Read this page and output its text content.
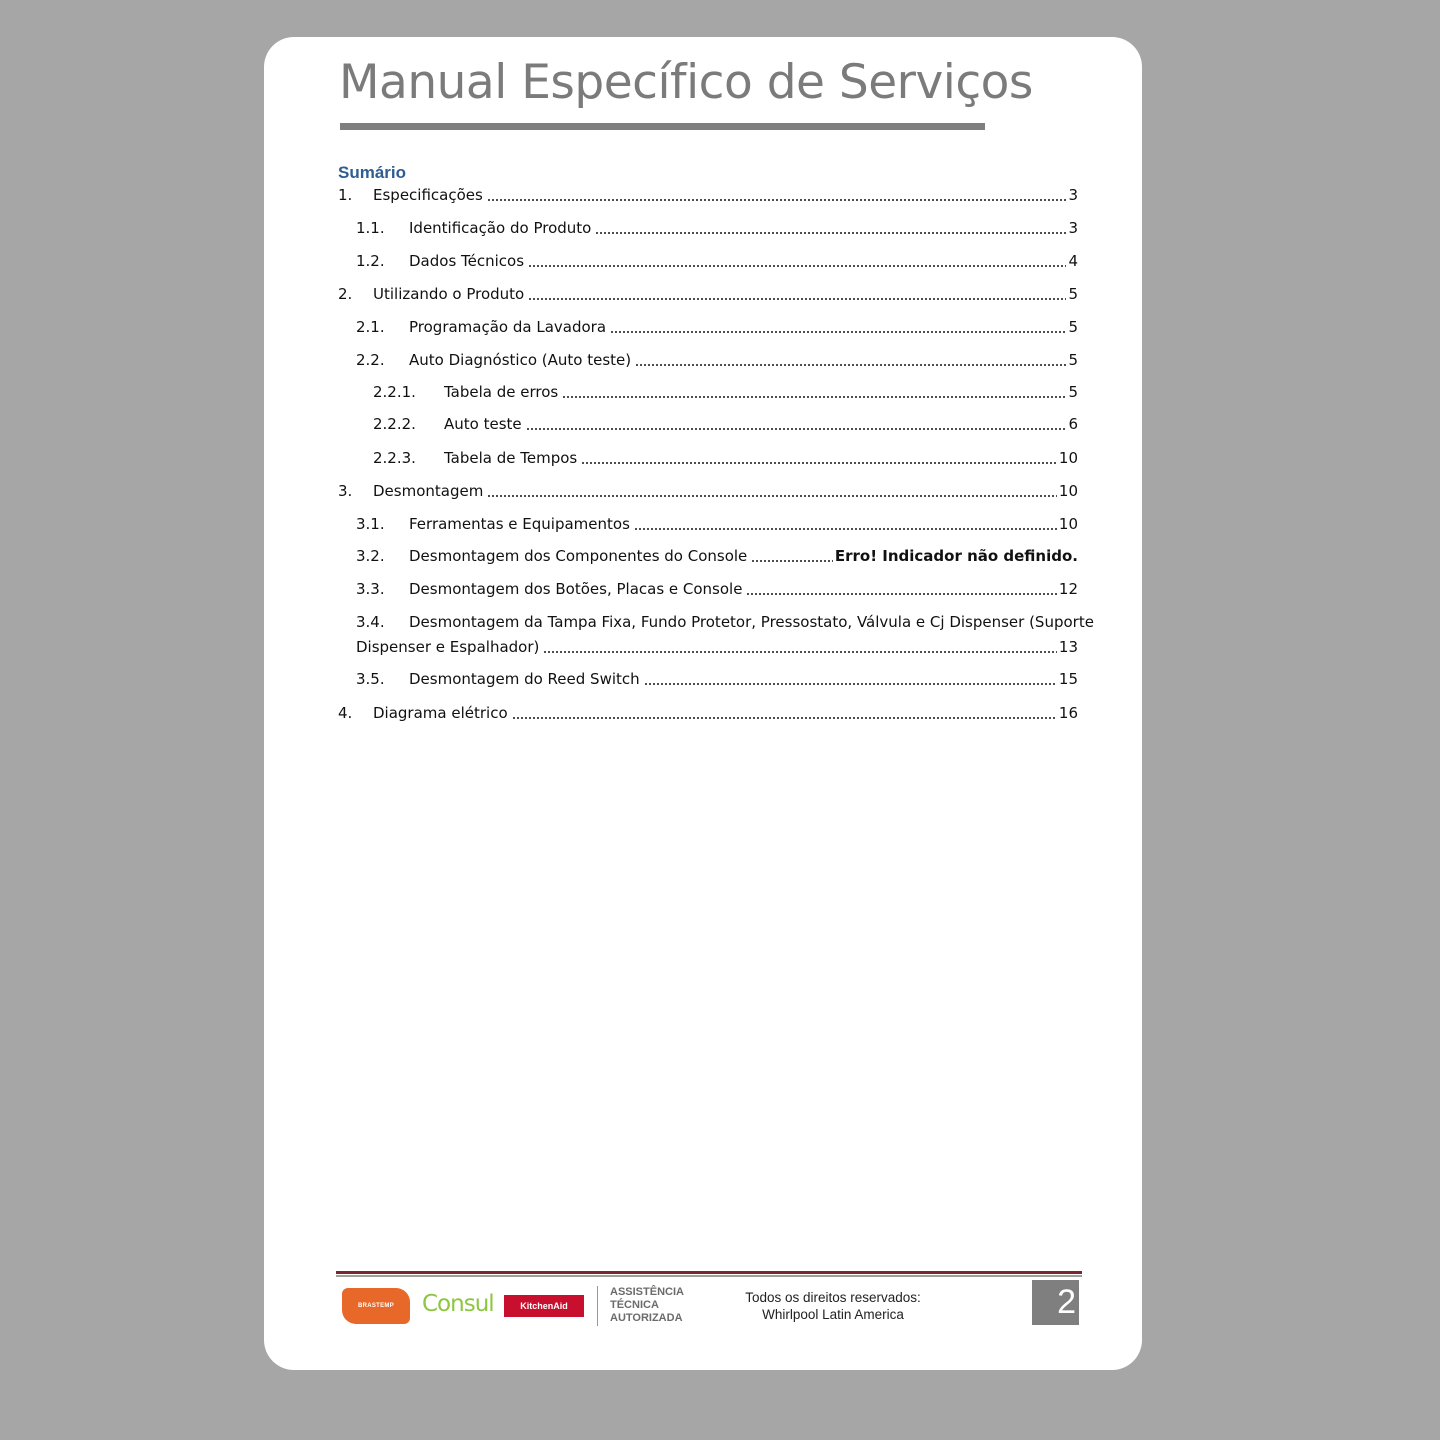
Manual Específico de Serviços
Sumário
1. Especificações	3
1.1. Identificação do Produto	3
1.2. Dados Técnicos	4
2. Utilizando o Produto	5
2.1. Programação da Lavadora	5
2.2. Auto Diagnóstico (Auto teste)	5
2.2.1. Tabela de erros	5
2.2.2. Auto teste	6
2.2.3. Tabela de Tempos	10
3. Desmontagem	10
3.1. Ferramentas e Equipamentos	10
3.2. Desmontagem dos Componentes do Console	Erro! Indicador não definido.
3.3. Desmontagem dos Botões, Placas e Console	12
3.4. Desmontagem da Tampa Fixa, Fundo Protetor, Pressostato, Válvula e Cj Dispenser (Suporte
Dispenser e Espalhador)	13
3.5. Desmontagem do Reed Switch	15
4. Diagrama elétrico	16
BRASTEMP Consul	KitchenAid
ASSISTÊNCIA
TÉCNICA
AUTORIZADA
Todos os direitos reservados:
Whirlpool Latin America	2
